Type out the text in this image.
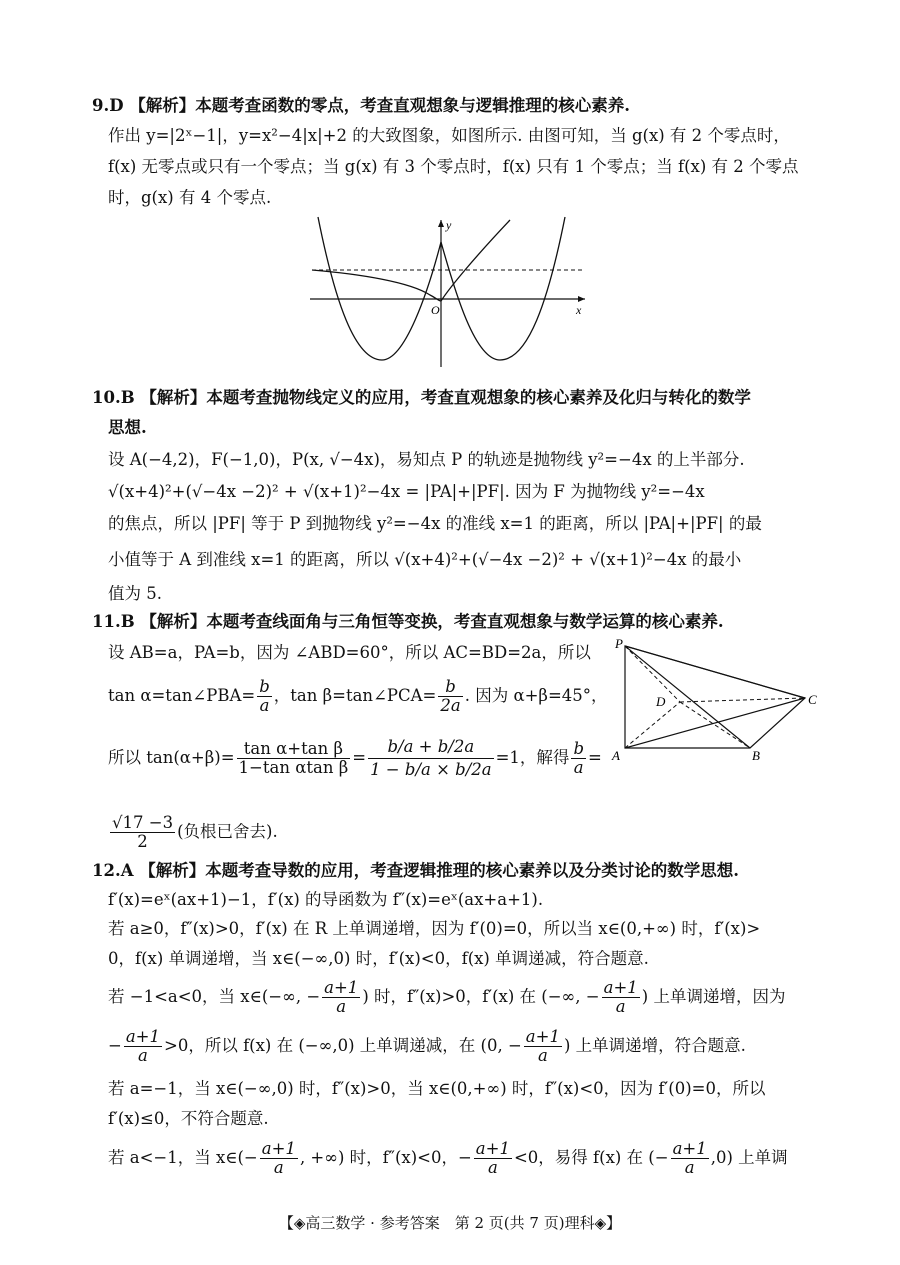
9.D 【解析】本题考查函数的零点，考查直观想象与逻辑推理的核心素养.
作出 y=|2ˣ−1|，y=x²−4|x|+2 的大致图象，如图所示. 由图可知，当 g(x) 有 2 个零点时，
f(x) 无零点或只有一个零点；当 g(x) 有 3 个零点时，f(x) 只有 1 个零点；当 f(x) 有 2 个零点
时，g(x) 有 4 个零点.
y
x
O
10.B 【解析】本题考查抛物线定义的应用，考查直观想象的核心素养及化归与转化的数学
思想.
设 A(−4,2)，F(−1,0)，P(x, √−4x)，易知点 P 的轨迹是抛物线 y²=−4x 的上半部分.
√(x+4)²+(√−4x −2)² + √(x+1)²−4x = |PA|+|PF|. 因为 F 为抛物线 y²=−4x
的焦点，所以 |PF| 等于 P 到抛物线 y²=−4x 的准线 x=1 的距离，所以 |PA|+|PF| 的最
小值等于 A 到准线 x=1 的距离，所以 √(x+4)²+(√−4x −2)² + √(x+1)²−4x 的最小
值为 5.
11.B 【解析】本题考查线面角与三角恒等变换，考查直观想象与数学运算的核心素养.
设 AB=a，PA=b，因为 ∠ABD=60°，所以 AC=BD=2a，所以
tan α=tan∠PBA= $\frac{b}{a}$ ，tan β=tan∠PCA= $\frac{b}{2a}$ . 因为 α+β=45°，
所以 $\tan(\alpha+\beta)= \frac{\text{tan α+tan β}}{\text{1−tan αtan β}} = \frac{b/a + b/2a}{1 - b/a \times b/2a} =1$，解得 $\frac{b}{a}$ =
$\frac{√17 -3}{2}$ (负根已舍去).
P
A	B
C
D
12.A 【解析】本题考查导数的应用，考查逻辑推理的核心素养以及分类讨论的数学思想.
f′(x)=eˣ(ax+1)−1，f′(x) 的导函数为 f″(x)=eˣ(ax+a+1).
若 a≥0，f″(x)>0，f′(x) 在 R 上单调递增，因为 f′(0)=0，所以当 x∈(0,+∞) 时，f′(x)>
0，f(x) 单调递增，当 x∈(−∞,0) 时，f′(x)<0，f(x) 单调递减，符合题意.
若 −1<a<0，当 x∈(−∞, − $\frac{a+1}{a}$ ) 时，f″(x)>0，f′(x) 在 (−∞, − $\frac{a+1}{a}$ ) 上单调递增，因为
− $\frac{a+1}{a} >0$，所以 f(x) 在 (−∞,0) 上单调递减，在 (0, − $\frac{a+1}{a}$ ) 上单调递增，符合题意.
若 a=−1，当 x∈(−∞,0) 时，f″(x)>0，当 x∈(0,+∞) 时，f″(x)<0，因为 f′(0)=0，所以
f′(x)≤0，不符合题意.
若 a<−1，当 x∈(− $\frac{a+1}{a}$ , +∞) 时，f″(x)<0，− $\frac{a+1}{a} <0$，易得 f(x) 在 (− $\frac{a+1}{a} ,0$) 上单调
【◈高三数学 · 参考答案　第 2 页(共 7 页)理科◈】
